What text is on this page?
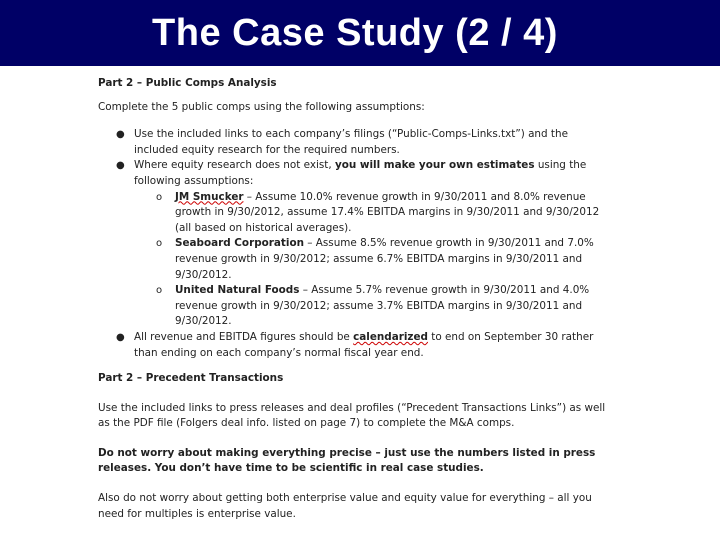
The Case Study (2 / 4)

Part 2 – Public Comps Analysis

Complete the 5 public comps using the following assumptions:

● Use the included links to each company’s filings (“Public-Comps-Links.txt”) and the included equity research for the required numbers.
● Where equity research does not exist, you will make your own estimates using the following assumptions:
o JM Smucker – Assume 10.0% revenue growth in 9/30/2011 and 8.0% revenue growth in 9/30/2012, assume 17.4% EBITDA margins in 9/30/2011 and 9/30/2012 (all based on historical averages).
o Seaboard Corporation – Assume 8.5% revenue growth in 9/30/2011 and 7.0% revenue growth in 9/30/2012; assume 6.7% EBITDA margins in 9/30/2011 and 9/30/2012.
o United Natural Foods – Assume 5.7% revenue growth in 9/30/2011 and 4.0% revenue growth in 9/30/2012; assume 3.7% EBITDA margins in 9/30/2011 and 9/30/2012.
● All revenue and EBITDA figures should be calendarized to end on September 30 rather than ending on each company’s normal fiscal year end.

Part 2 – Precedent Transactions

Use the included links to press releases and deal profiles (“Precedent Transactions Links”) as well as the PDF file (Folgers deal info. listed on page 7) to complete the M&A comps.

Do not worry about making everything precise – just use the numbers listed in press releases. You don’t have time to be scientific in real case studies.

Also do not worry about getting both enterprise value and equity value for everything – all you need for multiples is enterprise value.
